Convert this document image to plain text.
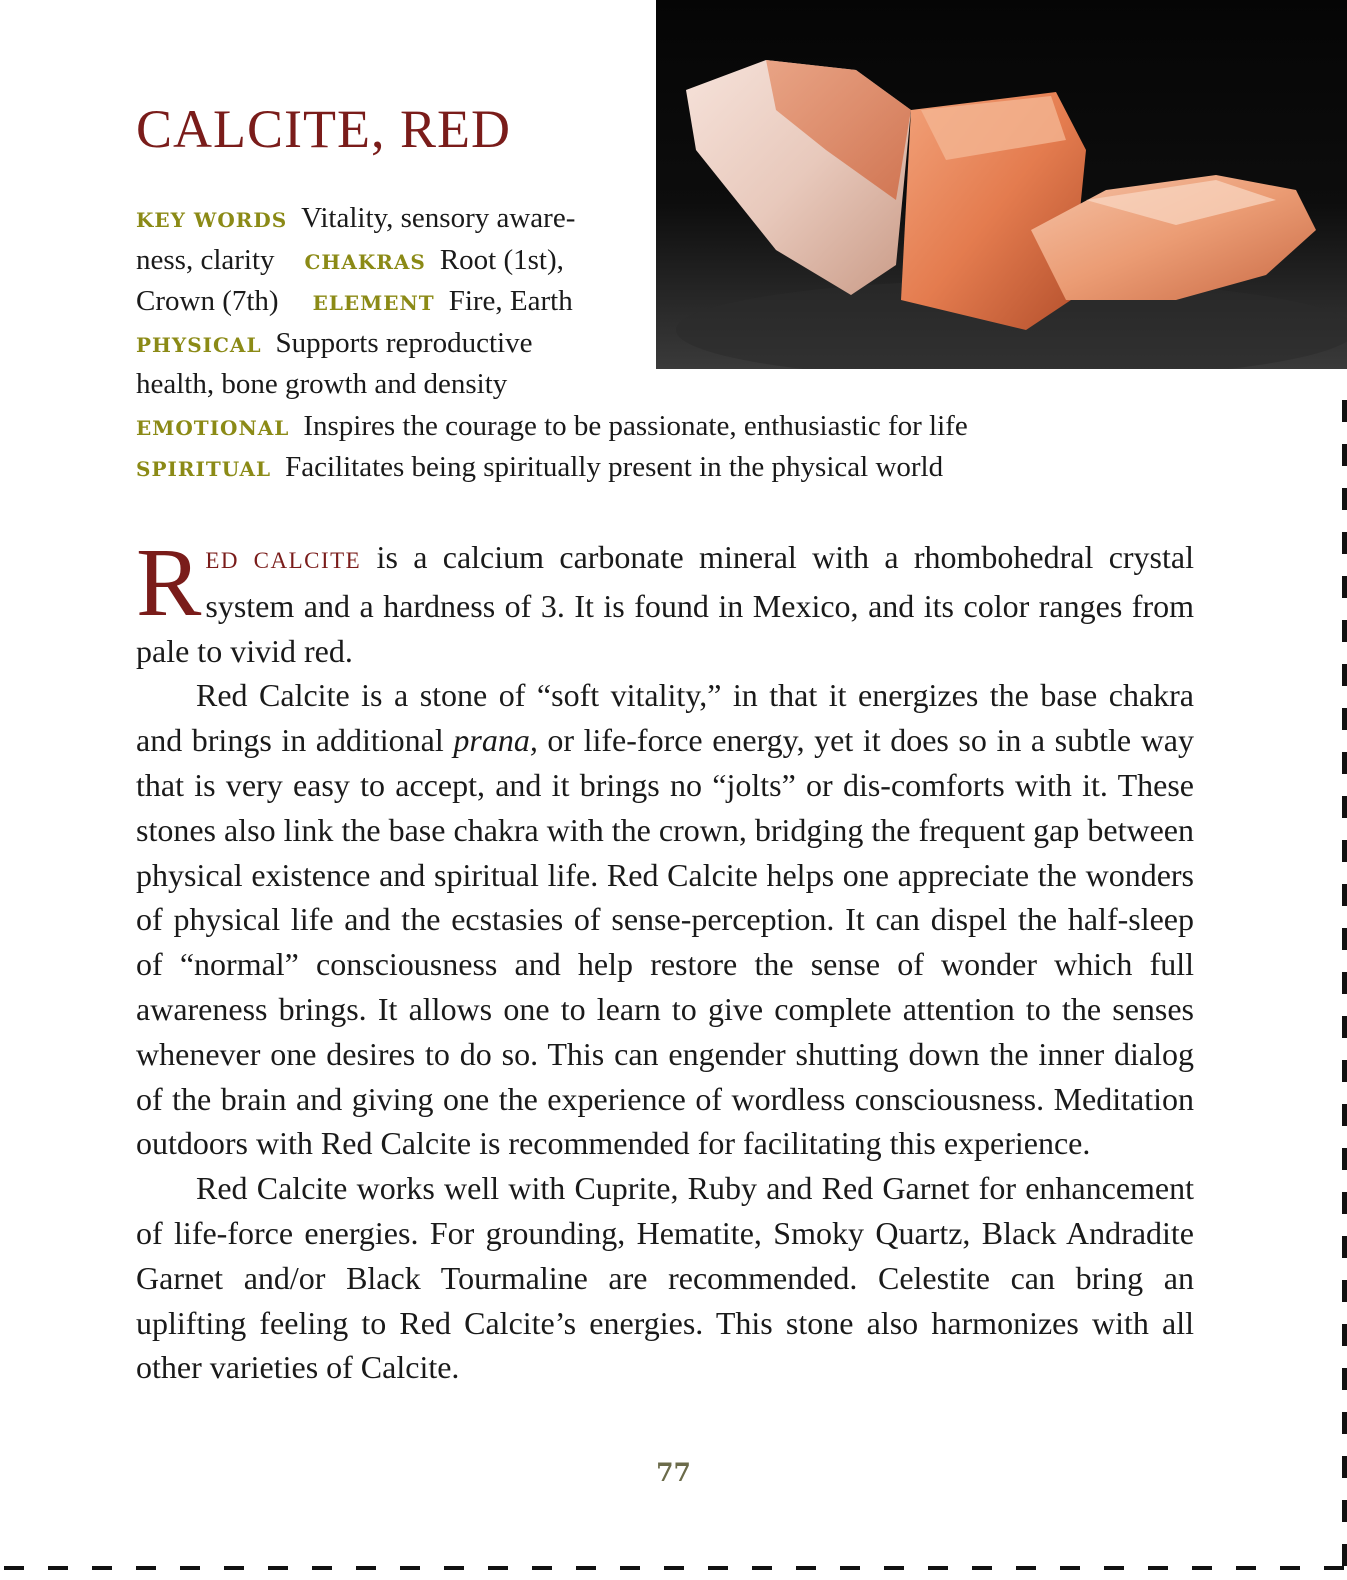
CALCITE, RED
KEY WORDS Vitality, sensory aware-
ness, clarity CHAKRAS Root (1st),
Crown (7th) ELEMENT Fire, Earth
PHYSICAL Supports reproductive
health, bone growth and density
EMOTIONAL Inspires the courage to be passionate, enthusiastic for life
SPIRITUAL Facilitates being spiritually present in the physical world

RED CALCITE is a calcium carbonate mineral with a rhombohedral crystal system and a hardness of 3. It is found in Mexico, and its color ranges from pale to vivid red.

Red Calcite is a stone of “soft vitality,” in that it energizes the base chakra and brings in additional prana, or life-force energy, yet it does so in a subtle way that is very easy to accept, and it brings no “jolts” or dis-comforts with it. These stones also link the base chakra with the crown, bridging the frequent gap between physical existence and spiritual life. Red Calcite helps one appreciate the wonders of physical life and the ecstasies of sense-perception. It can dispel the half-sleep of “normal” consciousness and help restore the sense of wonder which full awareness brings. It allows one to learn to give complete attention to the senses whenever one desires to do so. This can engender shutting down the inner dialog of the brain and giving one the experience of wordless consciousness. Meditation outdoors with Red Calcite is recommended for facilitating this experience.

Red Calcite works well with Cuprite, Ruby and Red Garnet for enhancement of life-force energies. For grounding, Hematite, Smoky Quartz, Black Andradite Garnet and/or Black Tourmaline are recommended. Celestite can bring an uplifting feeling to Red Calcite’s energies. This stone also harmonizes with all other varieties of Calcite.

77
